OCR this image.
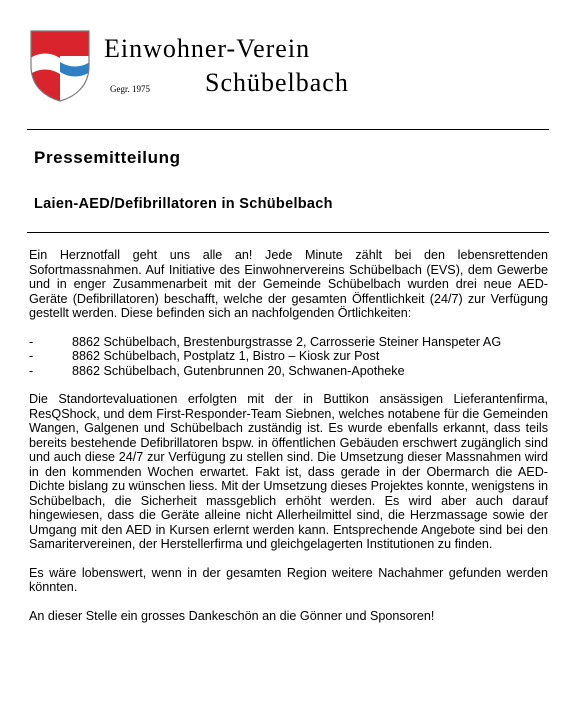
Einwohner-Verein
Gegr. 1975 Schübelbach
Pressemitteilung
Laien-AED/Defibrillatoren in Schübelbach

Ein Herznotfall geht uns alle an! Jede Minute zählt bei den lebensrettenden Sofortmassnahmen. Auf Initiative des Einwohnervereins Schübelbach (EVS), dem Gewerbe und in enger Zusammenarbeit mit der Gemeinde Schübelbach wurden drei neue AED-Geräte (Defibrillatoren) beschafft, welche der gesamten Öffentlichkeit (24/7) zur Verfügung gestellt werden. Diese befinden sich an nachfolgenden Örtlichkeiten:

-	8862 Schübelbach, Brestenburgstrasse 2, Carrosserie Steiner Hanspeter AG
-	8862 Schübelbach, Postplatz 1, Bistro – Kiosk zur Post
-	8862 Schübelbach, Gutenbrunnen 20, Schwanen-Apotheke

Die Standortevaluationen erfolgten mit der in Buttikon ansässigen Lieferantenfirma, ResQShock, und dem First-Responder-Team Siebnen, welches notabene für die Gemeinden Wangen, Galgenen und Schübelbach zuständig ist. Es wurde ebenfalls erkannt, dass teils bereits bestehende Defibrillatoren bspw. in öffentlichen Gebäuden erschwert zugänglich sind und auch diese 24/7 zur Verfügung zu stellen sind. Die Umsetzung dieser Massnahmen wird in den kommenden Wochen erwartet. Fakt ist, dass gerade in der Obermarch die AED-Dichte bislang zu wünschen liess. Mit der Umsetzung dieses Projektes konnte, wenigstens in Schübelbach, die Sicherheit massgeblich erhöht werden. Es wird aber auch darauf hingewiesen, dass die Geräte alleine nicht Allerheilmittel sind, die Herzmassage sowie der Umgang mit den AED in Kursen erlernt werden kann. Entsprechende Angebote sind bei den Samaritervereinen, der Herstellerfirma und gleichgelagerten Institutionen zu finden.

Es wäre lobenswert, wenn in der gesamten Region weitere Nachahmer gefunden werden könnten.

An dieser Stelle ein grosses Dankeschön an die Gönner und Sponsoren!
